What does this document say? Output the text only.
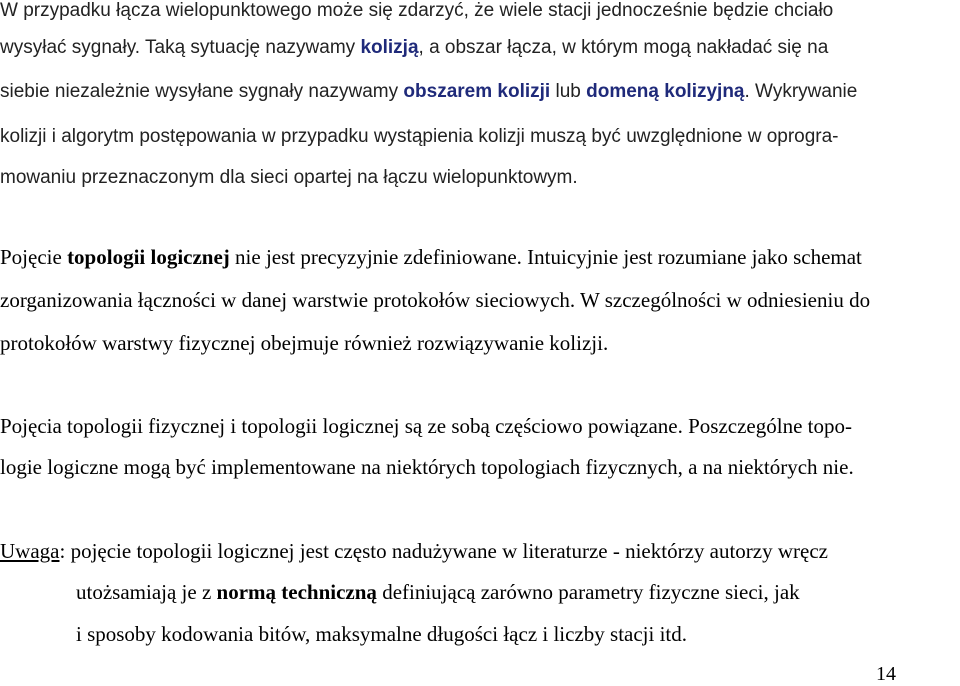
W przypadku łącza wielopunktowego może się zdarzyć, że wiele stacji jednocześnie będzie chciało
wysyłać sygnały. Taką sytuację nazywamy kolizją, a obszar łącza, w którym mogą nakładać się na
siebie niezależnie wysyłane sygnały nazywamy obszarem kolizji lub domeną kolizyjną. Wykrywanie
kolizji i algorytm postępowania w przypadku wystąpienia kolizji muszą być uwzględnione w oprogra-
mowaniu przeznaczonym dla sieci opartej na łączu wielopunktowym.
Pojęcie topologii logicznej nie jest precyzyjnie zdefiniowane. Intuicyjnie jest rozumiane jako schemat
zorganizowania łączności w danej warstwie protokołów sieciowych. W szczególności w odniesieniu do
protokołów warstwy fizycznej obejmuje również rozwiązywanie kolizji.
Pojęcia topologii fizycznej i topologii logicznej są ze sobą częściowo powiązane. Poszczególne topo-
logie logiczne mogą być implementowane na niektórych topologiach fizycznych, a na niektórych nie.
Uwaga: pojęcie topologii logicznej jest często nadużywane w literaturze - niektórzy autorzy wręcz
utożsamiają je z normą techniczną definiującą zarówno parametry fizyczne sieci, jak
i sposoby kodowania bitów, maksymalne długości łącz i liczby stacji itd.
14
